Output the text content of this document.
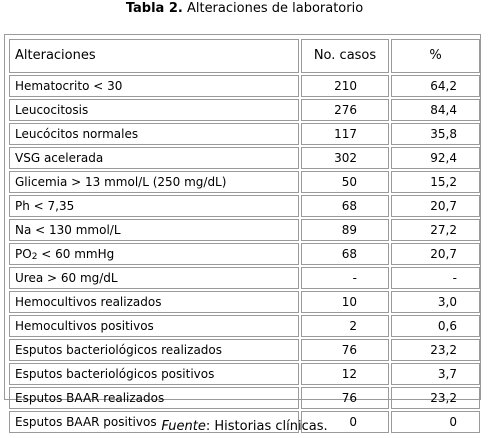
Tabla 2. Alteraciones de laboratorio
Alteraciones	No. casos	%
Hematocrito < 30	210	64,2
Leucocitosis	276	84,4
Leucócitos normales	117	35,8
VSG acelerada	302	92,4
Glicemia > 13 mmol/L (250 mg/dL)	50	15,2
Ph < 7,35	68	20,7
Na < 130 mmol/L	89	27,2
$PO_2 < 60$ mmHg	68	20,7
Urea > 60 mg/dL	-	-
Hemocultivos realizados	10	3,0
Hemocultivos positivos	2	0,6
Esputos bacteriológicos realizados	76	23,2
Esputos bacteriológicos positivos	12	3,7
Esputos BAAR realizados	76	23,2
Esputos BAAR positivos	0	0
Fuente: Historias clínicas.
